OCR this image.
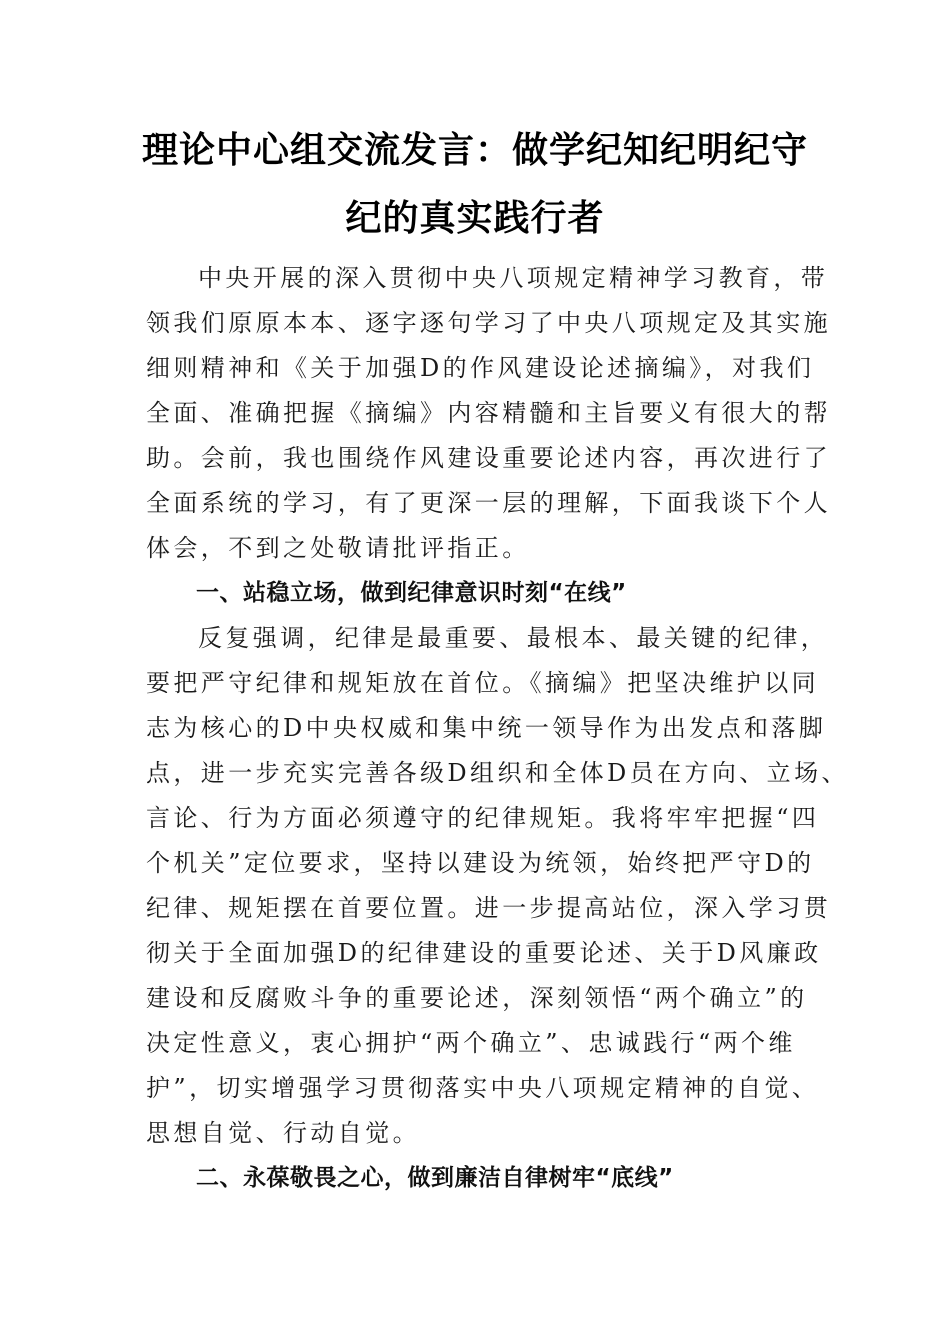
理论中心组交流发言：做学纪知纪明纪守
纪的真实践行者
中央开展的深入贯彻中央八项规定精神学习教育，带
领我们原原本本、逐字逐句学习了中央八项规定及其实施
细则精神和《关于加强D的作风建设论述摘编》，对我们
全面、准确把握《摘编》内容精髓和主旨要义有很大的帮
助。会前，我也围绕作风建设重要论述内容，再次进行了
全面系统的学习，有了更深一层的理解，下面我谈下个人
体会，不到之处敬请批评指正。
一、站稳立场，做到纪律意识时刻“在线”
反复强调，纪律是最重要、最根本、最关键的纪律，
要把严守纪律和规矩放在首位。《摘编》把坚决维护以同
志为核心的D中央权威和集中统一领导作为出发点和落脚
点，进一步充实完善各级D组织和全体D员在方向、立场、
言论、行为方面必须遵守的纪律规矩。我将牢牢把握“四
个机关”定位要求，坚持以建设为统领，始终把严守D的
纪律、规矩摆在首要位置。进一步提高站位，深入学习贯
彻关于全面加强D的纪律建设的重要论述、关于D风廉政
建设和反腐败斗争的重要论述，深刻领悟“两个确立”的
决定性意义，衷心拥护“两个确立”、忠诚践行“两个维
护”，切实增强学习贯彻落实中央八项规定精神的自觉、
思想自觉、行动自觉。
二、永葆敬畏之心，做到廉洁自律树牢“底线”
